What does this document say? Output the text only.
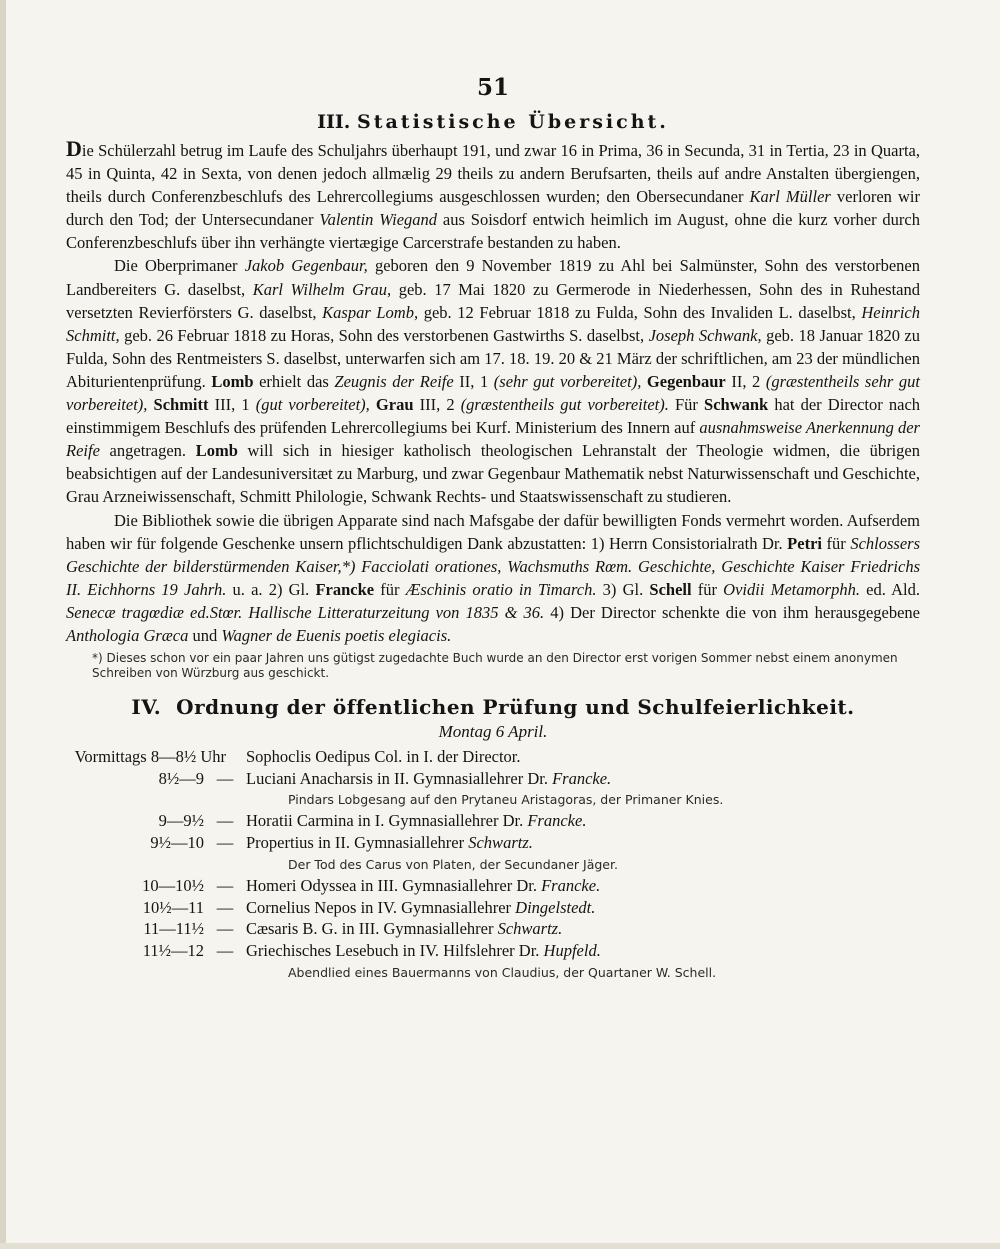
51
III. Statistische Übersicht.

Die Schülerzahl betrug im Laufe des Schuljahrs überhaupt 191, und zwar 16 in Prima, 36 in Secunda, 31 in Tertia, 23 in Quarta, 45 in Quinta, 42 in Sexta, von denen jedoch allmælig 29 theils zu andern Berufsarten, theils auf andre Anstalten übergiengen, theils durch Conferenzbeschlufs des Lehrercollegiums ausgeschlossen wurden; den Obersecundaner Karl Müller verloren wir durch den Tod; der Untersecundaner Valentin Wiegand aus Soisdorf entwich heimlich im August, ohne die kurz vorher durch Conferenzbeschlufs über ihn verhängte viertægige Carcerstrafe bestanden zu haben.

Die Oberprimaner Jakob Gegenbaur, geboren den 9 November 1819 zu Ahl bei Salmünster, Sohn des verstorbenen Landbereiters G. daselbst, Karl Wilhelm Grau, geb. 17 Mai 1820 zu Germerode in Niederhessen, Sohn des in Ruhestand versetzten Revierförsters G. daselbst, Kaspar Lomb, geb. 12 Februar 1818 zu Fulda, Sohn des Invaliden L. daselbst, Heinrich Schmitt, geb. 26 Februar 1818 zu Horas, Sohn des verstorbenen Gastwirths S. daselbst, Joseph Schwank, geb. 18 Januar 1820 zu Fulda, Sohn des Rentmeisters S. daselbst, unterwarfen sich am 17. 18. 19. 20 & 21 März der schriftlichen, am 23 der mündlichen Abiturientenprüfung. Lomb erhielt das Zeugnis der Reife II, 1 (sehr gut vorbereitet), Gegenbaur II, 2 (græstentheils sehr gut vorbereitet), Schmitt III, 1 (gut vorbereitet), Grau III, 2 (græstentheils gut vorbereitet). Für Schwank hat der Director nach einstimmigem Beschlufs des prüfenden Lehrercollegiums bei Kurf. Ministerium des Innern auf ausnahmsweise Anerkennung der Reife angetragen. Lomb will sich in hiesiger katholisch theologischen Lehranstalt der Theologie widmen, die übrigen beabsichtigen auf der Landesuniversitæt zu Marburg, und zwar Gegenbaur Mathematik nebst Naturwissenschaft und Geschichte, Grau Arzneiwissenschaft, Schmitt Philologie, Schwank Rechts- und Staatswissenschaft zu studieren.

Die Bibliothek sowie die übrigen Apparate sind nach Mafsgabe der dafür bewilligten Fonds vermehrt worden. Aufserdem haben wir für folgende Geschenke unsern pflichtschuldigen Dank abzustatten: 1) Herrn Consistorialrath Dr. Petri für Schlossers Geschichte der bilderstürmenden Kaiser,*) Facciolati orationes, Wachsmuths Rœm. Geschichte, Geschichte Kaiser Friedrichs II. Eichhorns 19 Jahrh. u. a. 2) Gl. Francke für Æschinis oratio in Timarch. 3) Gl. Schell für Ovidii Metamorphh. ed. Ald. Senecæ tragœdiæ ed.Stœr. Hallische Litteraturzeitung von 1835 & 36. 4) Der Director schenkte die von ihm herausgegebene Anthologia Græca und Wagner de Euenis poetis elegiacis.

*) Dieses schon vor ein paar Jahren uns gütigst zugedachte Buch wurde an den Director erst vorigen Sommer nebst einem anonymen Schreiben von Würzburg aus geschickt.
IV. Ordnung der öffentlichen Prüfung und Schulfeierlichkeit.
Montag 6 April.
Vormittags 8—8½ Uhr Sophoclis Oedipus Col. in I. der Director.
8½—9 — Luciani Anacharsis in II. Gymnasiallehrer Dr. Francke.
Pindars Lobgesang auf den Prytaneu Aristagoras, der Primaner Knies.
9—9½ — Horatii Carmina in I. Gymnasiallehrer Dr. Francke.
9½—10 — Propertius in II. Gymnasiallehrer Schwartz.
Der Tod des Carus von Platen, der Secundaner Jäger.
10—10½ — Homeri Odyssea in III. Gymnasiallehrer Dr. Francke.
10½—11 — Cornelius Nepos in IV. Gymnasiallehrer Dingelstedt.
11—11½ — Cæsaris B. G. in III. Gymnasiallehrer Schwartz.
11½—12 — Griechisches Lesebuch in IV. Hilfslehrer Dr. Hupfeld.
Abendlied eines Bauermanns von Claudius, der Quartaner W. Schell.
